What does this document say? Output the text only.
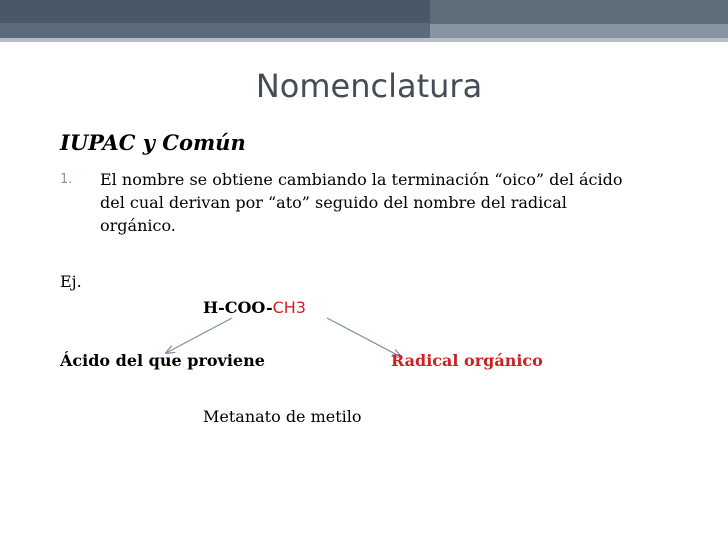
Nomenclatura
IUPAC y Común
1.	El nombre se obtiene cambiando la terminación “oico” del ácido
del cual derivan por “ato” seguido del nombre del radical
orgánico.
Ej.
H-COO-CH3
Ácido del que proviene	Radical orgánico
Metanato de metilo
